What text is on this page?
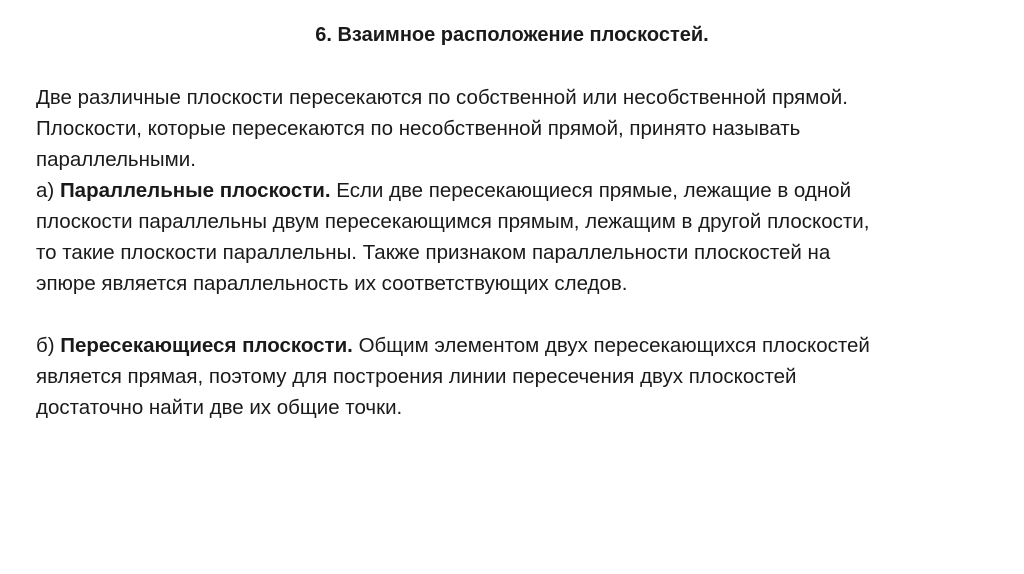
6. Взаимное расположение плоскостей.
Две различные плоскости пересекаются по собственной или несобственной прямой.
Плоскости, которые пересекаются по несобственной прямой, принято называть
параллельными.
а) Параллельные плоскости. Если две пересекающиеся прямые, лежащие в одной
плоскости параллельны двум пересекающимся прямым, лежащим в другой плоскости,
то такие плоскости параллельны. Также признаком параллельности плоскостей на
эпюре является параллельность их соответствующих следов.
б) Пересекающиеся плоскости. Общим элементом двух пересекающихся плоскостей
является прямая, поэтому для построения линии пересечения двух плоскостей
достаточно найти две их общие точки.
